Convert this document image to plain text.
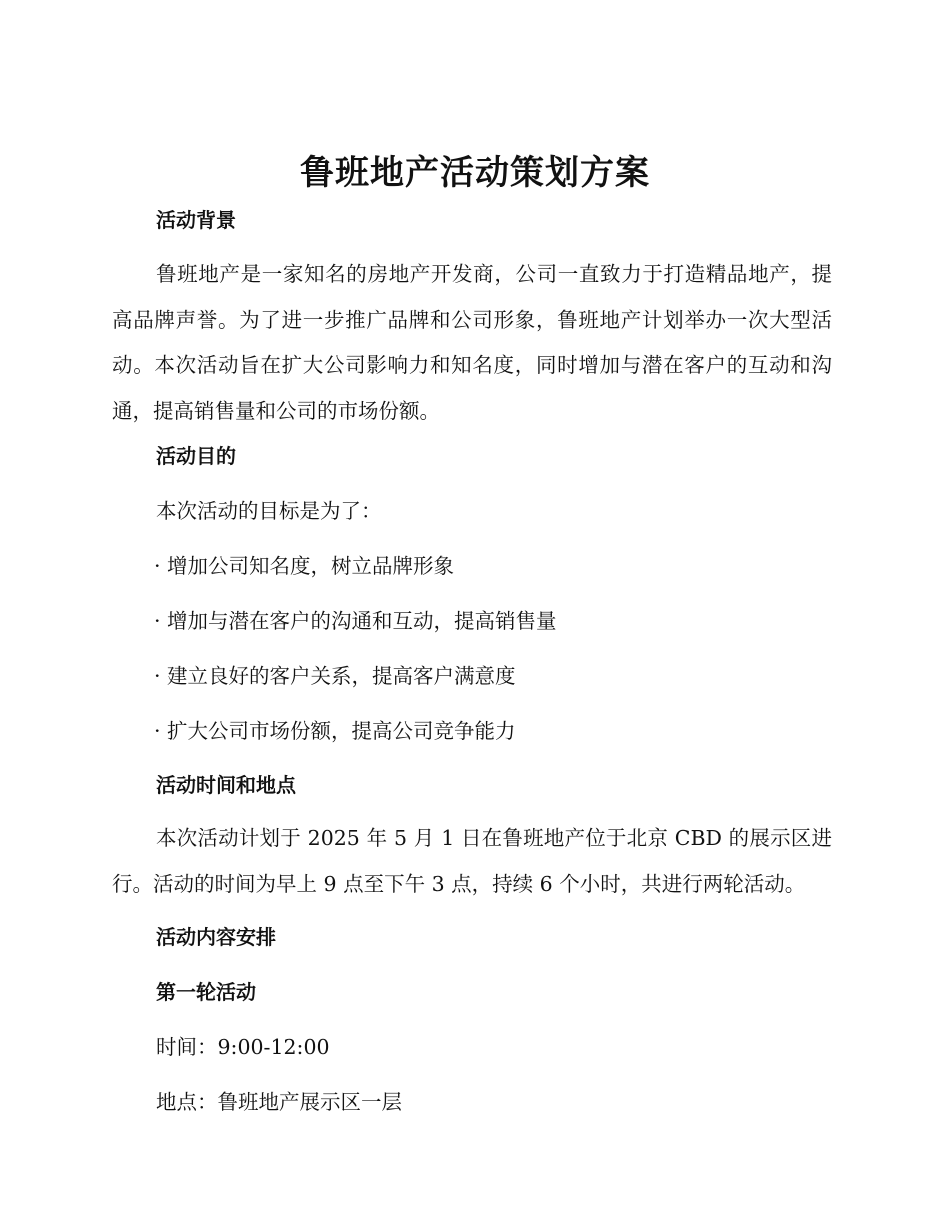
鲁班地产活动策划方案
活动背景
鲁班地产是一家知名的房地产开发商，公司一直致力于打造精品地产，提高品牌声誉。为了进一步推广品牌和公司形象，鲁班地产计划举办一次大型活动。本次活动旨在扩大公司影响力和知名度，同时增加与潜在客户的互动和沟通，提高销售量和公司的市场份额。
活动目的
本次活动的目标是为了：
· 增加公司知名度，树立品牌形象
· 增加与潜在客户的沟通和互动，提高销售量
· 建立良好的客户关系，提高客户满意度
· 扩大公司市场份额，提高公司竞争能力
活动时间和地点
本次活动计划于 2025 年 5 月 1 日在鲁班地产位于北京 CBD 的展示区进行。活动的时间为早上 9 点至下午 3 点，持续 6 个小时，共进行两轮活动。
活动内容安排
第一轮活动
时间：9:00-12:00
地点：鲁班地产展示区一层
